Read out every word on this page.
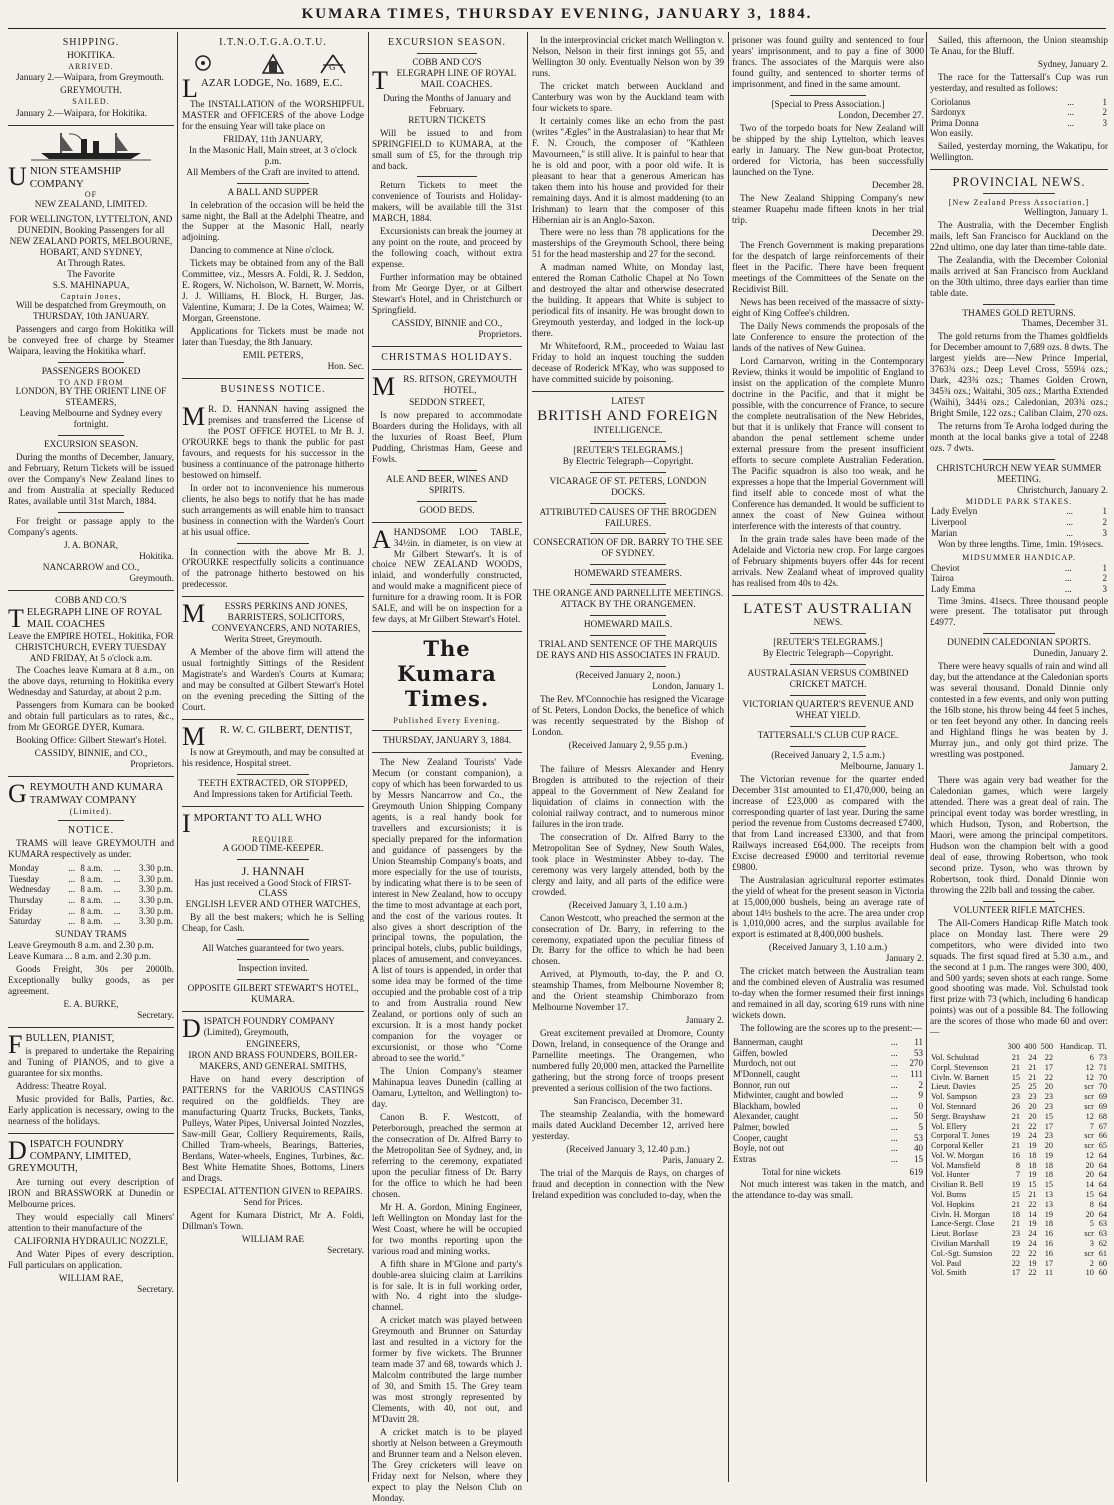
KUMARA TIMES, THURSDAY EVENING, JANUARY 3, 1884.
SHIPPING.
HOKITIKA.
ARRIVED.

January 2.—Waipara, from Greymouth.

GREYMOUTH.
SAILED.

January 2.—Waipara, for Hokitika.

UNION STEAMSHIP COMPANY
OF
NEW ZEALAND, LIMITED.
FOR WELLINGTON, LYTTELTON, AND DUNEDIN, Booking Passengers for all NEW ZEALAND PORTS, MELBOURNE, HOBART, AND SYDNEY,
At Through Rates.
The Favorite
S.S. MAHINAPUA,
Captain Jones,
Will be despatched from Greymouth, on
THURSDAY, 10th JANUARY.

Passengers and cargo from Hokitika will be conveyed free of charge by Steamer Waipara, leaving the Hokitika wharf.

PASSENGERS BOOKED
TO AND FROM
LONDON, BY THE ORIENT LINE OF STEAMERS,
Leaving Melbourne and Sydney every fortnight.
EXCURSION SEASON.

During the months of December, January, and February, Return Tickets will be issued over the Company's New Zealand lines to and from Australia at specially Reduced Rates, available until 31st March, 1884.

For freight or passage apply to the Company's agents.

J. A. BONAR,
Hokitika.
NANCARROW and CO.,
Greymouth.
COBB AND CO.'S
TELEGRAPH LINE OF ROYAL MAIL COACHES
Leave the EMPIRE HOTEL, Hokitika, FOR CHRISTCHURCH, EVERY TUESDAY AND FRIDAY, At 5 o'clock a.m.

The Coaches leave Kumara at 8 a.m., on the above days, returning to Hokitika every Wednesday and Saturday, at about 2 p.m.

Passengers from Kumara can be booked and obtain full particulars as to rates, &c., from Mr GEORGE DYER, Kumara.

Booking Office: Gilbert Stewart's Hotel.

CASSIDY, BINNIE, and CO.,
Proprietors.
GREYMOUTH AND KUMARA TRAMWAY COMPANY
(Limited).
NOTICE.

TRAMS will leave GREYMOUTH and KUMARA respectively as under.

Monday	...	8 a.m.	...	3.30 p.m.
Tuesday	...	8 a.m.	...	3.30 p.m.
Wednesday	...	8 a.m.	...	3.30 p.m.
Thursday	...	8 a.m.	...	3.30 p.m.
Friday	...	8 a.m.	...	3.30 p.m.
Saturday	...	8 a.m.	...	3.30 p.m.
SUNDAY TRAMS
Leave Greymouth 8 a.m. and 2.30 p.m.
Leave Kumara ... 8 a.m. and 2.30 p.m.

Goods Freight, 30s per 2000lb. Exceptionally bulky goods, as per agreement.

E. A. BURKE,
Secretary.
FBULLEN, PIANIST,

is prepared to undertake the Repairing and Tuning of PIANOS, and to give a guarantee for six months.

Address: Theatre Royal.

Music provided for Balls, Parties, &c. Early application is necessary, owing to the nearness of the holidays.

DISPATCH FOUNDRY COMPANY, LIMITED, GREYMOUTH,

Are turning out every description of IRON and BRASSWORK at Dunedin or Melbourne prices.

They would especially call Miners' attention to their manufacture of the

CALIFORNIA HYDRAULIC NOZZLE,

And Water Pipes of every description. Full particulars on application.

WILLIAM RAE,
Secretary.
I.T.N.O.T.G.A.O.T.U.
G
LAZAR LODGE, No. 1689, E.C.

The INSTALLATION of the WORSHIPFUL MASTER and OFFICERS of the above Lodge for the ensuing Year will take place on

FRIDAY, 11th JANUARY,
In the Masonic Hall, Main street, at 3 o'clock p.m.
All Members of the Craft are invited to attend.
A BALL AND SUPPER

In celebration of the occasion will be held the same night, the Ball at the Adelphi Theatre, and the Supper at the Masonic Hall, nearly adjoining.

Dancing to commence at Nine o'clock.

Tickets may be obtained from any of the Ball Committee, viz., Messrs A. Foldi, R. J. Seddon, E. Rogers, W. Nicholson, W. Barnett, W. Morris, J. J. Williams, H. Block, H. Burger, Jas. Valentine, Kumara; J. De la Cotes, Waimea; W. Morgan, Greenstone.

Applications for Tickets must be made not later than Tuesday, the 8th January.

EMIL PETERS,
Hon. Sec.
BUSINESS NOTICE.

M R. D. HANNAN having assigned the premises and transferred the License of the POST OFFICE HOTEL to Mr B. J. O'ROURKE begs to thank the public for past favours, and requests for his successor in the business a continuance of the patronage hitherto bestowed on himself.

In order not to inconvenience his numerous clients, he also begs to notify that he has made such arrangements as will enable him to transact business in connection with the Warden's Court at his usual office.

In connection with the above Mr B. J. O'ROURKE respectfully solicits a continuance of the patronage hitherto bestowed on his predecessor.

M ESSRS PERKINS AND JONES, BARRISTERS, SOLICITORS, CONVEYANCERS, AND NOTARIES,
Werita Street, Greymouth.

A Member of the above firm will attend the usual fortnightly Sittings of the Resident Magistrate's and Warden's Courts at Kumara; and may be consulted at Gilbert Stewart's Hotel on the evening preceding the Sitting of the Court.

M R. W. C. GILBERT, DENTIST,

Is now at Greymouth, and may be consulted at his residence, Hospital street.

TEETH EXTRACTED, OR STOPPED,
And Impressions taken for Artificial Teeth.
IMPORTANT TO ALL WHO
REQUIRE
A GOOD TIME-KEEPER.
J. HANNAH
Has just received a Good Stock of FIRST-CLASS
ENGLISH LEVER AND OTHER WATCHES,

By all the best makers; which he is Selling Cheap, for Cash.

All Watches guaranteed for two years.
Inspection invited.
OPPOSITE GILBERT STEWART'S HOTEL, KUMARA.
DISPATCH FOUNDRY COMPANY (Limited), Greymouth,
ENGINEERS,
IRON AND BRASS FOUNDERS, BOILER-MAKERS, AND GENERAL SMITHS,

Have on hand every description of PATTERNS for the VARIOUS CASTINGS required on the goldfields. They are manufacturing Quartz Trucks, Buckets, Tanks, Pulleys, Water Pipes, Universal Jointed Nozzles, Saw-mill Gear, Colliery Requirements, Rails, Chilled Tram-wheels, Bearings, Batteries, Berdans, Water-wheels, Engines, Turbines, &c. Best White Hematite Shoes, Bottoms, Liners and Drags.

ESPECIAL ATTENTION GIVEN to REPAIRS. Send for Prices.

Agent for Kumara District, Mr A. Foldi, Dillman's Town.

WILLIAM RAE
Secretary.
EXCURSION SEASON.
COBB AND CO'S
TELEGRAPH LINE OF ROYAL MAIL COACHES.
During the Months of January and February.
RETURN TICKETS

Will be issued to and from SPRINGFIELD to KUMARA, at the small sum of £5, for the through trip and back.

Return Tickets to meet the convenience of Tourists and Holiday-makers, will be available till the 31st MARCH, 1884.

Excursionists can break the journey at any point on the route, and proceed by the following coach, without extra expense.

Further information may be obtained from Mr George Dyer, or at Gilbert Stewart's Hotel, and in Christchurch or Springfield.

CASSIDY, BINNIE and CO.,
Proprietors.
CHRISTMAS HOLIDAYS.
MRS. RITSON, GREYMOUTH HOTEL,
SEDDON STREET,

Is now prepared to accommodate Boarders during the Holidays, with all the luxuries of Roast Beef, Plum Pudding, Christmas Ham, Geese and Fowls.

ALE AND BEER, WINES AND SPIRITS.
GOOD BEDS.

AHANDSOME LOO TABLE, 34½in. in diameter, is on view at Mr Gilbert Stewart's. It is of choice NEW ZEALAND WOODS, inlaid, and wonderfully constructed, and would make a magnificent piece of furniture for a drawing room. It is FOR SALE, and will be on inspection for a few days, at Mr Gilbert Stewart's Hotel.

The Kumara Times.
Published Every Evening.
THURSDAY, JANUARY 3, 1884.

The New Zealand Tourists' Vade Mecum (or constant companion), a copy of which has been forwarded to us by Messrs Nancarrow and Co., the Greymouth Union Shipping Company agents, is a real handy book for travellers and excursionists; it is specially prepared for the information and guidance of passengers by the Union Steamship Company's boats, and more especially for the use of tourists, by indicating what there is to be seen of interest in New Zealand, how to occupy the time to most advantage at each port, and the cost of the various routes. It also gives a short description of the principal towns, the population, the principal hotels, clubs, public buildings, places of amusement, and conveyances. A list of tours is appended, in order that some idea may be formed of the time occupied and the probable cost of a trip to and from Australia round New Zealand, or portions only of such an excursion. It is a most handy pocket companion for the voyager or excursionist, or those who "Come abroad to see the world."

The Union Company's steamer Mahinapua leaves Dunedin (calling at Oamaru, Lyttelton, and Wellington) to-day.

Canon B. F. Westcott, of Peterborough, preached the sermon at the consecration of Dr. Alfred Barry to the Metropolitan See of Sydney, and, in referring to the ceremony, expatiated upon the peculiar fitness of Dr. Barry for the office to which he had been chosen.

Mr H. A. Gordon, Mining Engineer, left Wellington on Monday last for the West Coast, where he will be occupied for two months reporting upon the various road and mining works.

A fifth share in M'Glone and party's double-area sluicing claim at Larrikins is for sale. It is in full working order, with No. 4 right into the sludge-channel.

A cricket match was played between Greymouth and Brunner on Saturday last and resulted in a victory for the former by five wickets. The Brunner team made 37 and 68, towards which J. Malcolm contributed the large number of 30, and Smith 15. The Grey team was most strongly represented by Clements, with 40, not out, and M'Davitt 28.

A cricket match is to be played shortly at Nelson between a Greymouth and Brunner team and a Nelson eleven. The Grey cricketers will leave on Friday next for Nelson, where they expect to play the Nelson Club on Monday.

In the interprovincial cricket match Wellington v. Nelson, Nelson in their first innings got 55, and Wellington 30 only. Eventually Nelson won by 39 runs.

The cricket match between Auckland and Canterbury was won by the Auckland team with four wickets to spare.

It certainly comes like an echo from the past (writes "Ægles" in the Australasian) to hear that Mr F. N. Crouch, the composer of "Kathleen Mavourneen," is still alive. It is painful to hear that he is old and poor, with a poor old wife. It is pleasant to hear that a generous American has taken them into his house and provided for their remaining days. And it is almost maddening (to an Irishman) to learn that the composer of this Hibernian air is an Anglo-Saxon.

There were no less than 78 applications for the masterships of the Greymouth School, there being 51 for the head mastership and 27 for the second.

A madman named White, on Monday last, entered the Roman Catholic Chapel at No Town and destroyed the altar and otherwise desecrated the building. It appears that White is subject to periodical fits of insanity. He was brought down to Greymouth yesterday, and lodged in the lock-up there.

Mr Whitefoord, R.M., proceeded to Waiau last Friday to hold an inquest touching the sudden decease of Roderick M'Kay, who was supposed to have committed suicide by poisoning.

LATEST
BRITISH AND FOREIGN
INTELLIGENCE.
[REUTER'S TELEGRAMS.]
By Electric Telegraph—Copyright.
VICARAGE OF ST. PETERS, LONDON DOCKS.
ATTRIBUTED CAUSES OF THE BROGDEN FAILURES.
CONSECRATION OF DR. BARRY TO THE SEE OF SYDNEY.
HOMEWARD STEAMERS.
THE ORANGE AND PARNELLITE MEETINGS.
ATTACK BY THE ORANGEMEN.
HOMEWARD MAILS.
TRIAL AND SENTENCE OF THE MARQUIS DE RAYS AND HIS ASSOCIATES IN FRAUD.
(Received January 2, noon.)
London, January 1.

The Rev. M'Connochie has resigned the Vicarage of St. Peters, London Docks, the benefice of which was recently sequestrated by the Bishop of London.

(Received January 2, 9.55 p.m.)
Evening.

The failure of Messrs Alexander and Henry Brogden is attributed to the rejection of their appeal to the Government of New Zealand for liquidation of claims in connection with the colonial railway contract, and to numerous minor failures in the iron trade.

The consecration of Dr. Alfred Barry to the Metropolitan See of Sydney, New South Wales, took place in Westminster Abbey to-day. The ceremony was very largely attended, both by the clergy and laity, and all parts of the edifice were crowded.

(Received January 3, 1.10 a.m.)

Canon Westcott, who preached the sermon at the consecration of Dr. Barry, in referring to the ceremony, expatiated upon the peculiar fitness of Dr. Barry for the office to which he had been chosen.

Arrived, at Plymouth, to-day, the P. and O. steamship Thames, from Melbourne November 8; and the Orient steamship Chimborazo from Melbourne November 17.

January 2.

Great excitement prevailed at Dromore, County Down, Ireland, in consequence of the Orange and Parnellite meetings. The Orangemen, who numbered fully 20,000 men, attacked the Parnellite gathering, but the strong force of troops present prevented a serious collision of the two factions.

San Francisco, December 31.

The steamship Zealandia, with the homeward mails dated Auckland December 12, arrived here yesterday.

(Received January 3, 12.40 p.m.)
Paris, January 2.

The trial of the Marquis de Rays, on charges of fraud and deception in connection with the New Ireland expedition was concluded to-day, when the

prisoner was found guilty and sentenced to four years' imprisonment, and to pay a fine of 3000 francs. The associates of the Marquis were also found guilty, and sentenced to shorter terms of imprisonment, and fined in the same amount.

[Special to Press Association.]
London, December 27.

Two of the torpedo boats for New Zealand will be shipped by the ship Lyttelton, which leaves early in January. The New gun-boat Protector, ordered for Victoria, has been successfully launched on the Tyne.

December 28.

The New Zealand Shipping Company's new steamer Ruapehu made fifteen knots in her trial trip.

December 29.

The French Government is making preparations for the despatch of large reinforcements of their fleet in the Pacific. There have been frequent meetings of the Committees of the Senate on the Recidivist Bill.

News has been received of the massacre of sixty-eight of King Coffee's children.

The Daily News commends the proposals of the late Conference to ensure the protection of the lands of the natives of New Guinea.

Lord Carnarvon, writing in the Contemporary Review, thinks it would be impolitic of England to insist on the application of the complete Munro doctrine in the Pacific, and that it might be possible, with the concurrence of France, to secure the complete neutralisation of the New Hebrides, but that it is unlikely that France will consent to abandon the penal settlement scheme under external pressure from the present insufficient efforts to secure complete Australian Federation. The Pacific squadron is also too weak, and he expresses a hope that the Imperial Government will find itself able to concede most of what the Conference has demanded. It would be sufficient to annex the coast of New Guinea without interference with the interests of that country.

In the grain trade sales have been made of the Adelaide and Victoria new crop. For large cargoes of February shipments buyers offer 44s for recent arrivals. New Zealand wheat of improved quality has realised from 40s to 42s.

LATEST AUSTRALIAN
NEWS.
[REUTER'S TELEGRAMS.]
By Electric Telegraph—Copyright.
AUSTRALASIAN VERSUS COMBINED CRICKET MATCH.
VICTORIAN QUARTER'S REVENUE AND WHEAT YIELD.
TATTERSALL'S CLUB CUP RACE.
(Received January 2, 1.5 a.m.)
Melbourne, January 1.

The Victorian revenue for the quarter ended December 31st amounted to £1,470,000, being an increase of £23,000 as compared with the corresponding quarter of last year. During the same period the revenue from Customs decreased £7400, that from Land increased £3300, and that from Railways increased £64,000. The receipts from Excise decreased £9000 and territorial revenue £9800.

The Australasian agricultural reporter estimates the yield of wheat for the present season in Victoria at 15,000,000 bushels, being an average rate of about 14½ bushels to the acre. The area under crop is 1,010,000 acres, and the surplus available for export is estimated at 8,400,000 bushels.

(Received January 3, 1.10 a.m.)
January 2.

The cricket match between the Australian team and the combined eleven of Australia was resumed to-day when the former resumed their first innings and remained in all day, scoring 619 runs with nine wickets down.

The following are the scores up to the present:—

Bannerman, caught	...	11
Giffen, bowled	...	53
Murdoch, not out	...	270
M'Donnell, caught	...	111
Bonnor, run out	...	2
Midwinter, caught and bowled	...	9
Blackham, bowled	...	0
Alexander, caught	...	50
Palmer, bowled	...	5
Cooper, caught	...	53
Boyle, not out	...	40
Extras	...	15
Total for nine wickets	619

Not much interest was taken in the match, and the attendance to-day was small.

Sailed, this afternoon, the Union steamship Te Anau, for the Bluff.

Sydney, January 2.

The race for the Tattersall's Cup was run yesterday, and resulted as follows:

Coriolanus	...	1
Sardonyx	...	2
Prima Donna	...	3
Won easily.

Sailed, yesterday morning, the Wakatipu, for Wellington.

PROVINCIAL NEWS.
[New Zealand Press Association.]
Wellington, January 1.

The Australia, with the December English mails, left San Francisco for Auckland on the 22nd ultimo, one day later than time-table date.

The Zealandia, with the December Colonial mails arrived at San Francisco from Auckland on the 30th ultimo, three days earlier than time table date.

THAMES GOLD RETURNS.
Thames, December 31.

The gold returns from the Thames goldfields for December amount to 7,689 ozs. 8 dwts. The largest yields are—New Prince Imperial, 3763¾ ozs.; Deep Level Cross, 559¼ ozs.; Dark, 423¾ ozs.; Thames Golden Crown, 345¾ ozs.; Waitahi, 305 ozs.; Martha Extended (Waihi), 344¼ ozs.; Caledonian, 203¾ ozs.; Bright Smile, 122 ozs.; Caliban Claim, 270 ozs.

The returns from Te Aroha lodged during the month at the local banks give a total of 2248 ozs. 7 dwts.

CHRISTCHURCH NEW YEAR SUMMER MEETING.
Christchurch, January 2.
MIDDLE PARK STAKES.
Lady Evelyn	...	1
Liverpool	...	2
Marian	...	3

Won by three lengths. Time, 1min. 19½secs.

MIDSUMMER HANDICAP.
Cheviot	...	1
Tairoa	...	2
Lady Emma	...	3

Time 3mins. 41secs. Three thousand people were present. The totalisator put through £4977.

DUNEDIN CALEDONIAN SPORTS.
Dunedin, January 2.

There were heavy squalls of rain and wind all day, but the attendance at the Caledonian sports was several thousand. Donald Dinnie only contested in a few events, and only won putting the 16lb stone, his throw being 44 feet 5 inches, or ten feet beyond any other. In dancing reels and Highland flings he was beaten by J. Murray jun., and only got third prize. The wrestling was postponed.

January 2.

There was again very bad weather for the Caledonian games, which were largely attended. There was a great deal of rain. The principal event today was border wrestling, in which Hudson, Tyson, and Robertson, the Maori, were among the principal competitors. Hudson won the champion belt with a good deal of ease, throwing Robertson, who took second prize. Tyson, who was thrown by Robertson, took third. Donald Dinnie won throwing the 22lb ball and tossing the caber.

VOLUNTEER RIFLE MATCHES.

The All-Comers Handicap Rifle Match took place on Monday last. There were 29 competitors, who were divided into two squads. The first squad fired at 5.30 a.m., and the second at 1 p.m. The ranges were 300, 400, and 500 yards; seven shots at each range. Some good shooting was made. Vol. Schulstad took first prize with 73 (which, including 6 handicap points) was out of a possible 84. The following are the scores of those who made 60 and over:—

	300	400	500	Handicap.	Tl.
Vol. Schulstad	21	24	22	6	73
Corpl. Stevenson	21	21	17	12	71
Civln. W. Barnett	15	21	22	12	70
Lieut. Davies	25	25	20	scr	70
Vol. Sampson	23	23	23	scr	69
Vol. Stennard	26	20	23	scr	69
Sergt. Brayshaw	21	20	15	12	68
Vol. Ellery	21	22	17	7	67
Corporal T. Jones	19	24	23	scr	66
Corporal Keller	21	19	20	scr	65
Vol. W. Morgan	16	18	19	12	64
Vol. Mansfield	8	18	18	20	64
Vol. Hunter	7	19	18	20	64
Civilian R. Bell	19	15	15	14	64
Vol. Burns	15	21	13	15	64
Vol. Hopkins	21	22	13	8	64
Civln. H. Morgan	18	14	19	20	64
Lance-Sergt. Close	21	19	18	5	63
Lieut. Borlase	23	24	16	scr	63
Civilian Marshall	19	24	16	3	62
Col.-Sgt. Sumsion	22	22	16	scr	61
Vol. Paul	22	19	17	2	60
Vol. Smith	17	22	11	10	60
